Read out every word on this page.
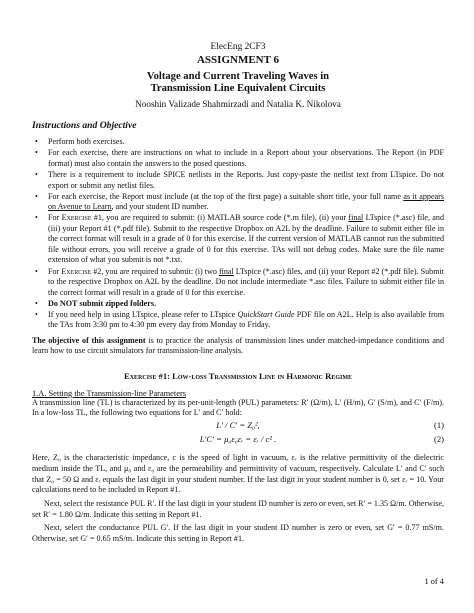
ElecEng 2CF3
ASSIGNMENT 6
Voltage and Current Traveling Waves in
Transmission Line Equivalent Circuits
Nooshin Valizade Shahmirzadi and Natalia K. Nikolova
Instructions and Objective
• Perform both exercises.
• For each exercise, there are instructions on what to include in a Report about your observations. The Report (in PDF format) must also contain the answers to the posed questions.
• There is a requirement to include SPICE netlists in the Reports. Just copy-paste the netlist text from LTspice. Do not export or submit any netlist files.
• For each exercise, the Report must include (at the top of the first page) a suitable short title, your full name as it appears on Avenue to Learn, and your student ID number.
• For Exercise #1, you are required to submit: (i) MATLAB source code (*.m file), (ii) your final LTspice (*.asc) file, and (iii) your Report #1 (*.pdf file). Submit to the respective Dropbox on A2L by the deadline. Failure to submit either file in the correct format will result in a grade of 0 for this exercise. If the current version of MATLAB cannot run the submitted file without errors, you will receive a grade of 0 for this exercise. TAs will not debug codes. Make sure the file name extension of what you submit is not *.txt.
• For Exercise #2, you are required to submit: (i) two final LTspice (*.asc) files, and (ii) your Report #2 (*.pdf file). Submit to the respective Dropbox on A2L by the deadline. Do not include intermediate *.asc files. Failure to submit either file in the correct format will result in a grade of 0 for this exercise.
• Do NOT submit zipped folders.
• If you need help in using LTspice, please refer to LTspice QuickStart Guide PDF file on A2L. Help is also available from the TAs from 3:30 pm to 4:30 pm every day from Monday to Friday.
The objective of this assignment is to practice the analysis of transmission lines under matched-impedance conditions and learn how to use circuit simulators for transmission-line analysis.
Exercise #1: Low-loss Transmission Line in Harmonic Regime
1.A. Setting the Transmission-line Parameters
A transmission line (TL) is characterized by its per-unit-length (PUL) parameters: R′ (Ω/m), L′ (H/m), G′ (S/m), and C′ (F/m). In a low-loss TL, the following two equations for L′ and C′ hold:
L′ / C′ = Z₀²,	(1)
L′C′ = μ₀ε₀εᵣ = εᵣ / c² .	(2)
Here, Z₀ is the characteristic impedance, c is the speed of light in vacuum, εᵣ is the relative permittivity of the dielectric medium inside the TL, and μ₀ and ε₀ are the permeability and permittivity of vacuum, respectively. Calculate L′ and C′ such that Z₀ = 50 Ω and εᵣ equals the last digit in your student number. If the last digit in your student number is 0, set εᵣ = 10. Your calculations need to be included in Report #1.
Next, select the resistance PUL R′. If the last digit in your student ID number is zero or even, set R′ = 1.35 Ω/m. Otherwise, set R′ = 1.80 Ω/m. Indicate this setting in Report #1.
Next, select the conductance PUL G′. If the last digit in your student ID number is zero or even, set G′ = 0.77 mS/m. Otherwise, set G′ = 0.65 mS/m. Indicate this setting in Report #1.
1 of 4
